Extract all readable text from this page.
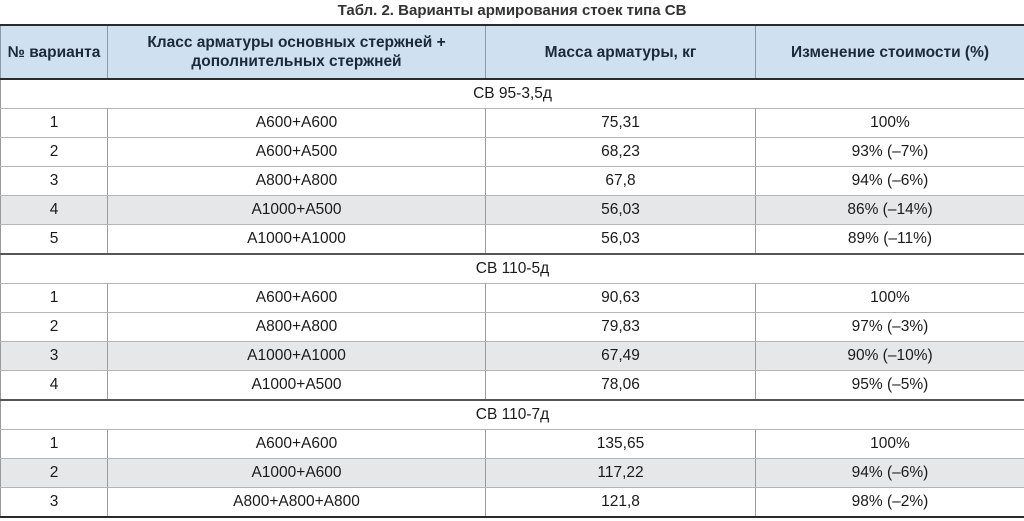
Табл. 2. Варианты армирования стоек типа СВ
№ варианта	Класс арматуры основных стержней + дополнительных стержней	Масса арматуры, кг	Изменение стоимости (%)
СВ 95-3,5д			
1	А600+А600	75,31	100%
2	А600+А500	68,23	93% (–7%)
3	А800+А800	67,8	94% (–6%)
4	А1000+А500	56,03	86% (–14%)
5	А1000+А1000	56,03	89% (–11%)
СВ 110-5д			
1	А600+А600	90,63	100%
2	А800+А800	79,83	97% (–3%)
3	А1000+А1000	67,49	90% (–10%)
4	А1000+А500	78,06	95% (–5%)
СВ 110-7д			
1	А600+А600	135,65	100%
2	А1000+А600	117,22	94% (–6%)
3	А800+А800+А800	121,8	98% (–2%)
